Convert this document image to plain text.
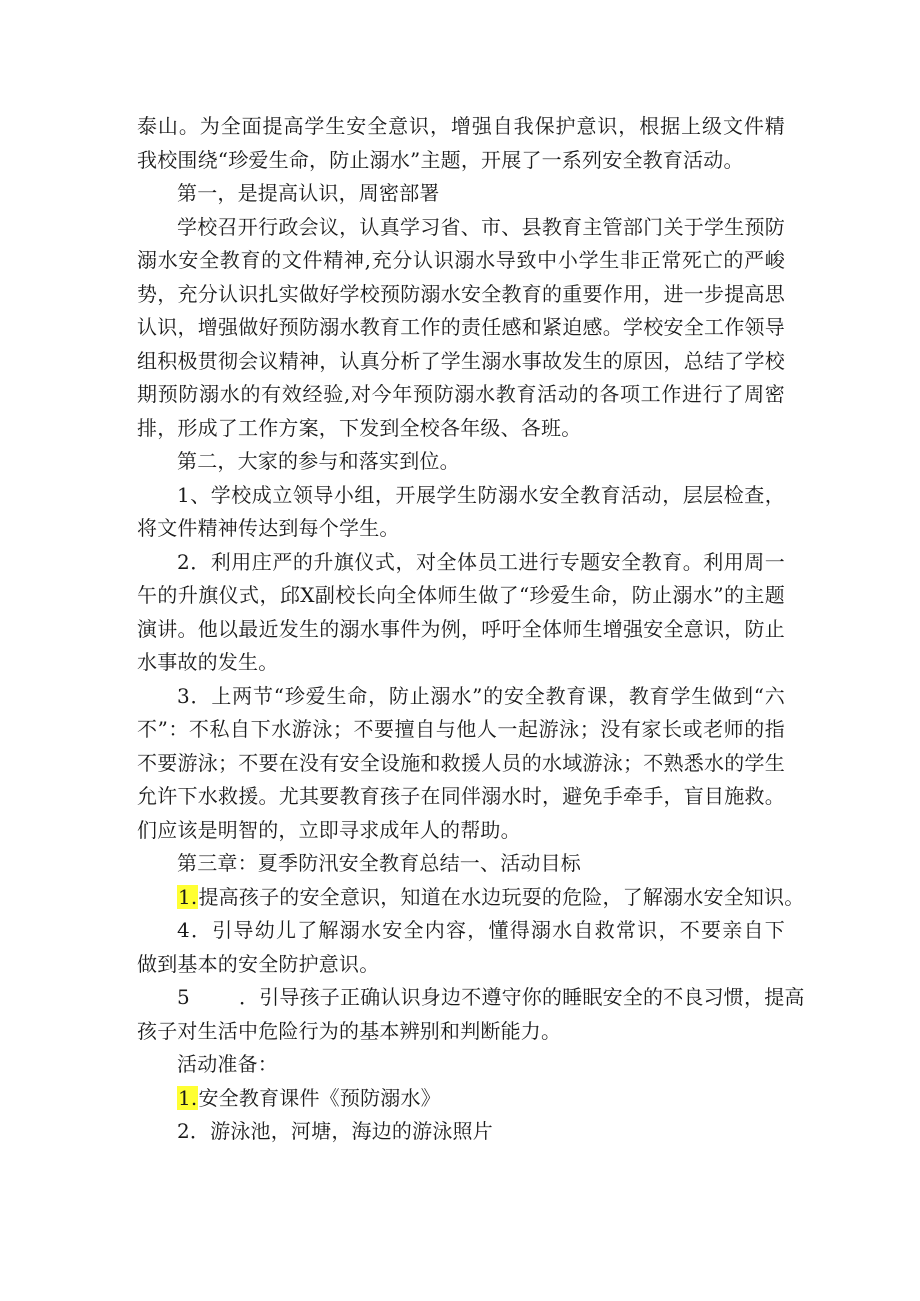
泰山。为全面提高学生安全意识，增强自我保护意识，根据上级文件精
我校围绕“珍爱生命，防止溺水”主题，开展了一系列安全教育活动。
第一，是提高认识，周密部署
学校召开行政会议，认真学习省、市、县教育主管部门关于学生预防
溺水安全教育的文件精神,充分认识溺水导致中小学生非正常死亡的严峻
势，充分认识扎实做好学校预防溺水安全教育的重要作用，进一步提高思
认识，增强做好预防溺水教育工作的责任感和紧迫感。学校安全工作领导
组积极贯彻会议精神，认真分析了学生溺水事故发生的原因，总结了学校
期预防溺水的有效经验,对今年预防溺水教育活动的各项工作进行了周密
排，形成了工作方案，下发到全校各年级、各班。
第二，大家的参与和落实到位。
1、学校成立领导小组，开展学生防溺水安全教育活动，层层检查，
将文件精神传达到每个学生。
2．利用庄严的升旗仪式，对全体员工进行专题安全教育。利用周一
午的升旗仪式，邱X副校长向全体师生做了“珍爱生命，防止溺水”的主题
演讲。他以最近发生的溺水事件为例，呼吁全体师生增强安全意识，防止
水事故的发生。
3．上两节“珍爱生命，防止溺水”的安全教育课，教育学生做到“六
不”：不私自下水游泳；不要擅自与他人一起游泳；没有家长或老师的指
不要游泳；不要在没有安全设施和救援人员的水域游泳；不熟悉水的学生
允许下水救援。尤其要教育孩子在同伴溺水时，避免手牵手，盲目施救。
们应该是明智的，立即寻求成年人的帮助。
第三章：夏季防汛安全教育总结一、活动目标
1.提高孩子的安全意识，知道在水边玩耍的危险，了解溺水安全知识。
4．引导幼儿了解溺水安全内容，懂得溺水自救常识，不要亲自下
做到基本的安全防护意识。
5 ．引导孩子正确认识身边不遵守你的睡眠安全的不良习惯，提高
孩子对生活中危险行为的基本辨别和判断能力。
活动准备：
1.安全教育课件《预防溺水》
2．游泳池，河塘，海边的游泳照片
